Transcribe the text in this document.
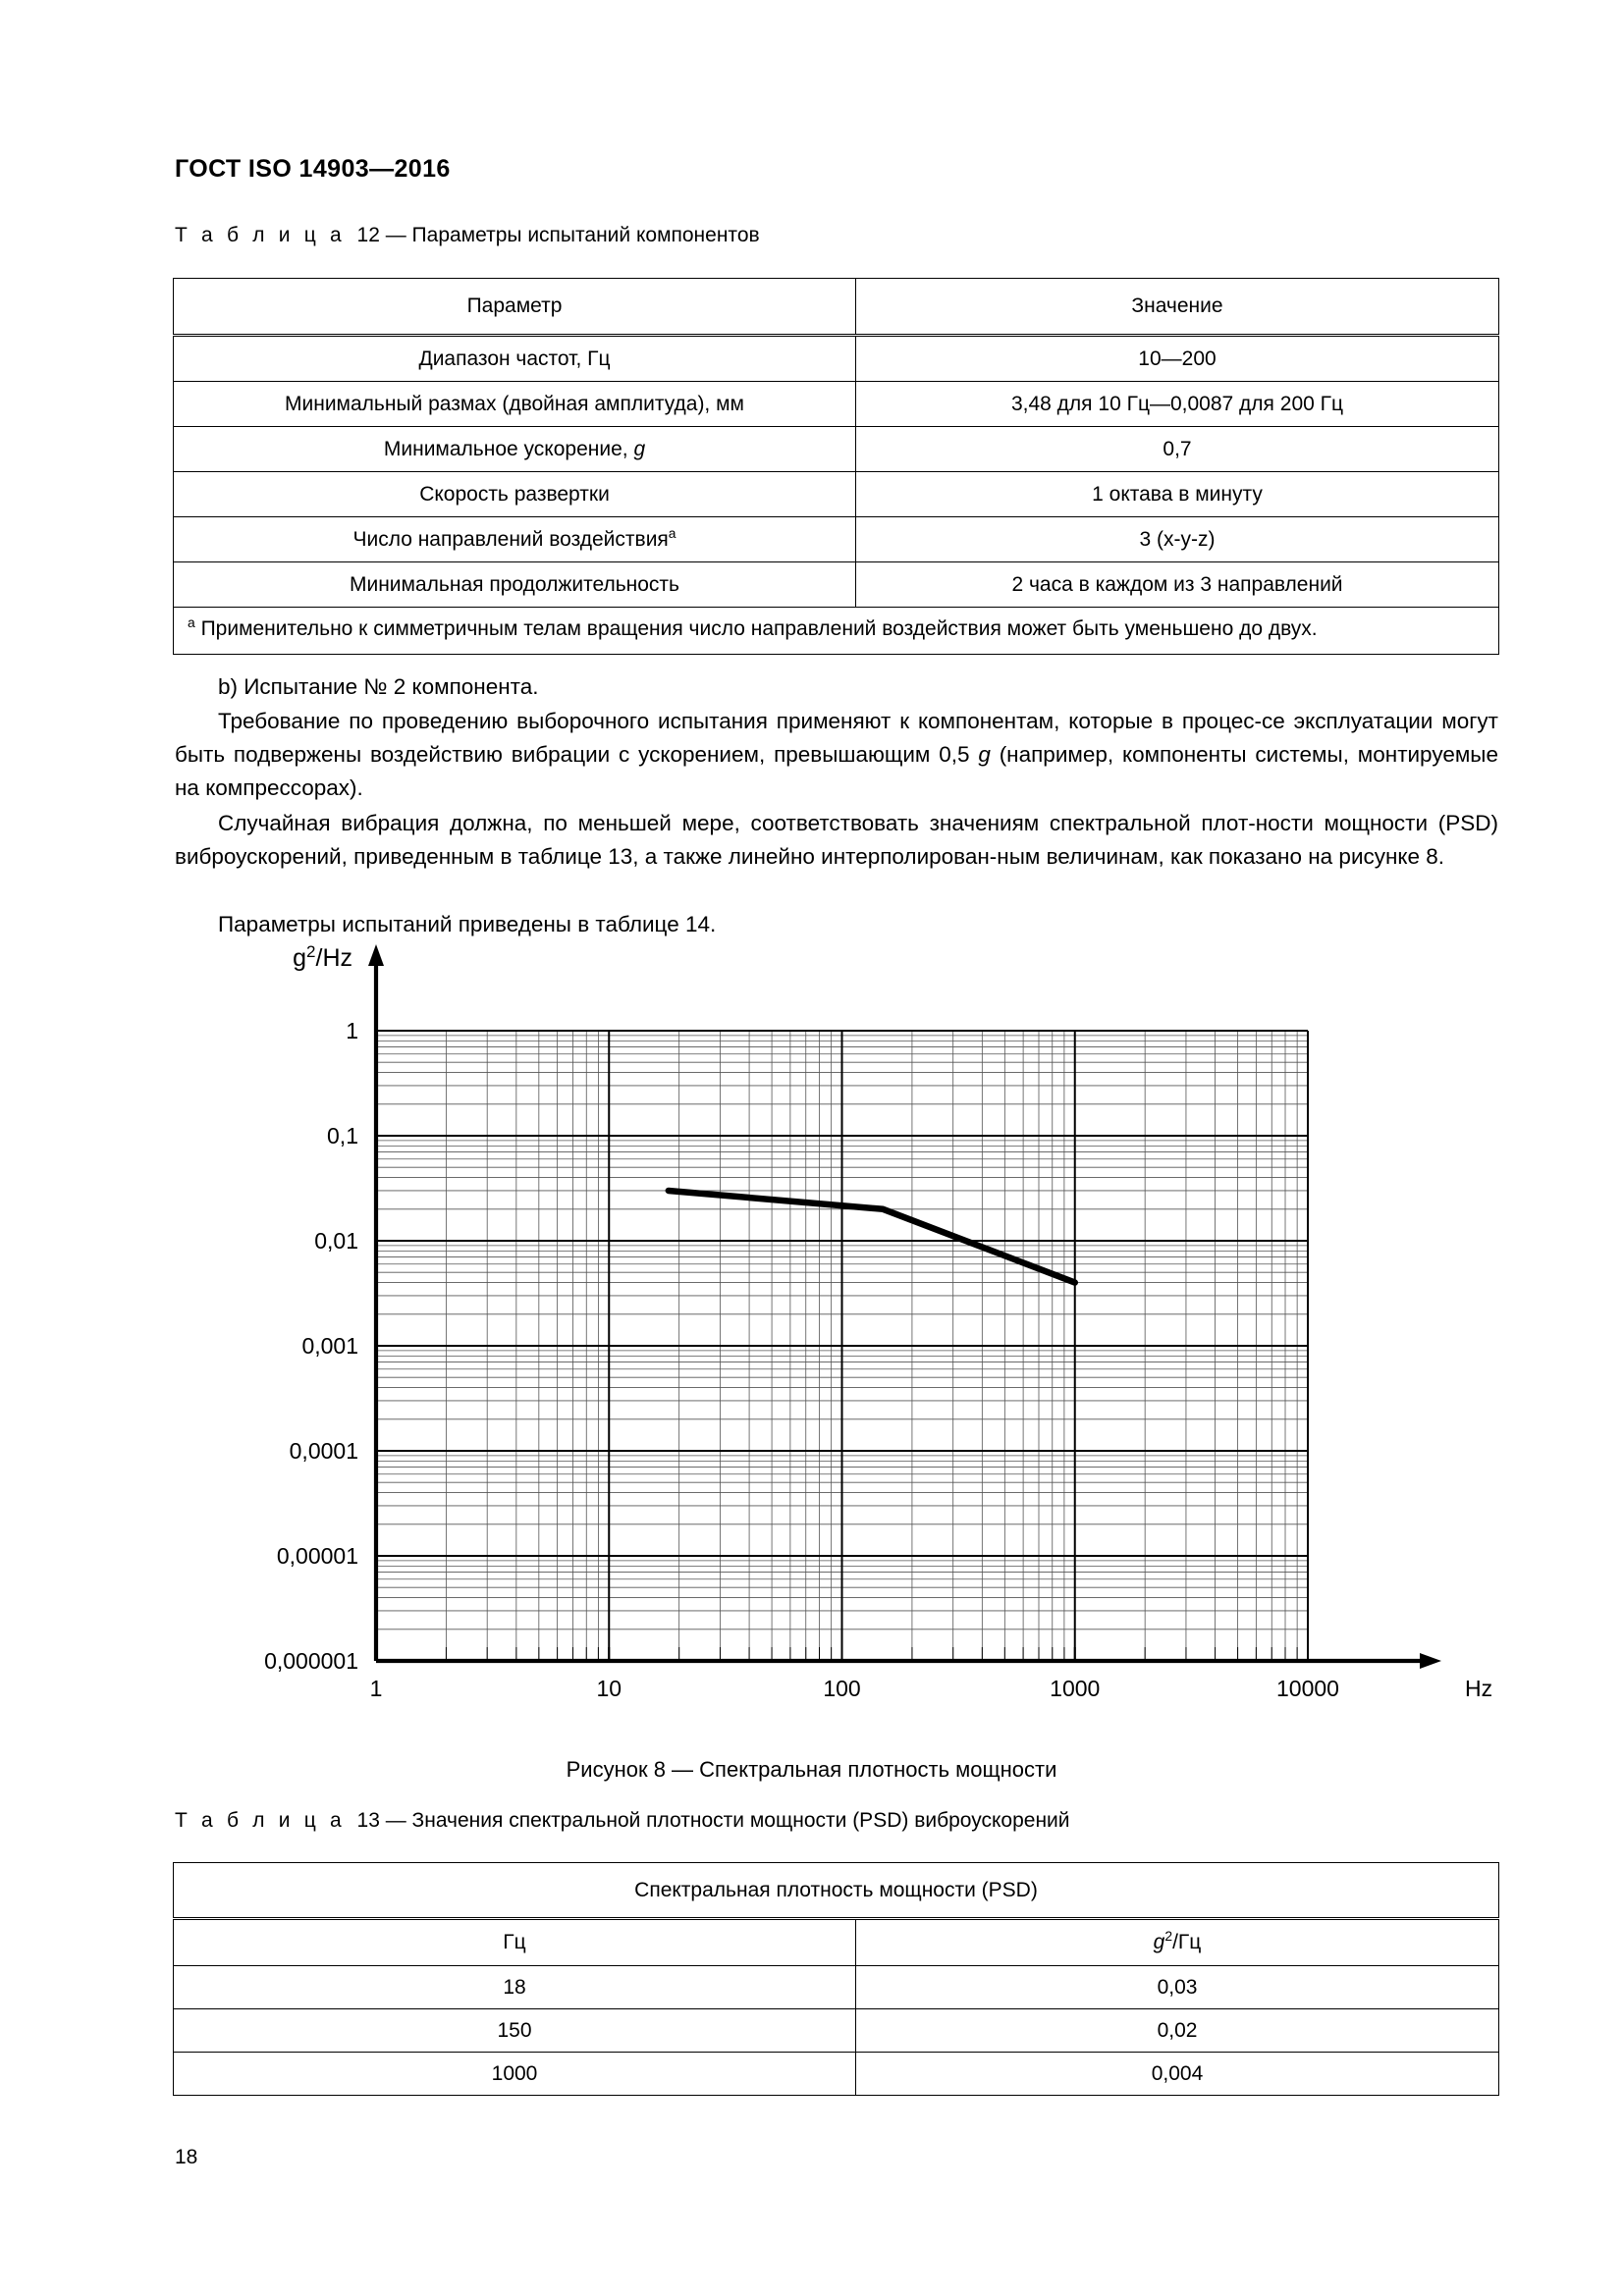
ГОСТ ISO 14903—2016
Т а б л и ц а 12 — Параметры испытаний компонентов
Параметр	Значение
Диапазон частот, Гц	10—200
Минимальный размах (двойная амплитуда), мм	3,48 для 10 Гц—0,0087 для 200 Гц
Минимальное ускорение, g	0,7
Скорость развертки	1 октава в минуту
Число направлений воздействия$^a$	3 (x-y-z)
Минимальная продолжительность	2 часа в каждом из 3 направлений
$^a$ Применительно к симметричным телам вращения число направлений воздействия может быть уменьшено до двух.	
b) Испытание № 2 компонента.
Требование по проведению выборочного испытания применяют к компонентам, которые в процес-се эксплуатации могут быть подвержены воздействию вибрации с ускорением, превышающим 0,5 g (например, компоненты системы, монтируемые на компрессорах).
Случайная вибрация должна, по меньшей мере, соответствовать значениям спектральной плот-ности мощности (PSD) виброускорений, приведенным в таблице 13, а также линейно интерполирован-ным величинам, как показано на рисунке 8.
Параметры испытаний приведены в таблице 14.
1	10	100	1000	10000
1
0,1
0,01
0,001
0,0001
0,00001
0,000001
Hz
$g^2/Hz$
Рисунок 8 — Спектральная плотность мощности
Т а б л и ц а 13 — Значения спектральной плотности мощности (PSD) виброускорений
Спектральная плотность мощности (PSD)	
Гц	g$^2$/Гц
18	0,03
150	0,02
1000	0,004
18
